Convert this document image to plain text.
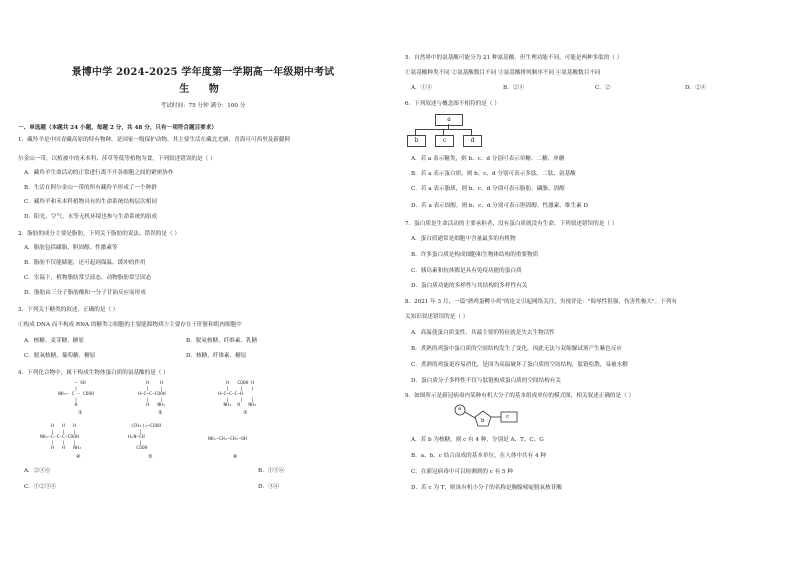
景博中学 2024-2025 学年度第一学期高一年级期中考试
生 物
考试时间：75 分钟 满分：100 分
一、单选题（本题共 24 小题，每题 2 分，共 48 分，只有一项符合题目要求）
1．藏羚羊是中国青藏高原的特有物种，是国家一级保护动物，其主要生活在藏北羌塘、青海可可西里及新疆阿
尔金山一带，以植被中的禾本科、莎草等低等植物为食。下列叙述错误的是（ ）
A．藏羚羊生命活动的正常进行离不开各细胞之间的紧密协作
B．生活在阿尔金山一带的所有藏羚羊形成了一个种群
C．藏羚羊和禾本科植物具有的生命系统结构层次相同
D．阳光、空气、水等无机环境也参与生命系统的组成
2．脂肪的成分主要是脂肪，下列关于脂肪的说法，错误的是（ ）
A．脂肪包括磷脂、胆固醇、性激素等
B．脂肪不仅能储能，还可起到保温、缓冲的作用
C．室温下，植物脂肪常呈液态，动物脂肪常呈固态
D．脂肪由三分子脂肪酸和一分子甘油反应而形成
3．下列关于糖类的叙述，正确的是（ ）
①构成 DNA 而不构成 RNA 的糖类②细胞的主要能源物质③主要存在于肝脏和肌肉细胞中
A．核糖、麦芽糖、糖原	B．脱氧核糖、纤维素、乳糖
C．脱氧核糖、葡萄糖、糖原	D．核糖、纤维素、糖原
4．下列化合物中，属于构成生物体蛋白质的氨基酸的是（ ）
— SH
|
NH₂— C — COOH
|
H
H    H
|    |
H—C—C—COOH
|    |
H   NH₂
H   COOH H
|    |   |
H—C—C—C—H
|    |   |
NH₂  H   NH₂
①	②	③
H   H   H
|   |   |
NH₂—C—C—C—COOH
|   |   |
H   H   NH₂
(CH₂)₄—COOH
|
H₂N—CH
|
COOH
NH₂—CH₂—CH₂—OH
④	⑤	⑥
A．②④⑥	B．①③⑥
C．①②③④	D．③④
5．自然界中的氨基酸可能分为 21 种氨基酸，但生理功能不同，可能是两种多肽的（ ）
①氨基酸种类不同 ②氨基酸数目不同 ③氨基酸排列顺序不同 ④氨基酸数目不同
A．①③	B．②③	C．②	D．②④
6．下列叙述与概念图不相符的是（ ）
a
b	c	d
A．若 a 表示糖类，则 b、c、d 分别可表示单糖、二糖、单糖
B．若 a 表示蛋白质，则 b、c、d 分别可表示多肽、二肽、氨基酸
C．若 a 表示脂质，则 b、c、d 分别可表示脂肪、磷脂、固醇
D．若 a 表示固醇，则 b、c、d 分别可表示胆固醇、性激素、维生素 D
7．蛋白质是生命活动的主要承担者，没有蛋白质就没有生命。下列叙述错误的是（ ）
A．蛋白质通常是细胞中含量最多的有机物
B．许多蛋白质是构成细胞和生物体结构的重要物质
C．胰岛素和抗体都是具有免疫功能的蛋白质
D．蛋白质功能的多样性与其结构的多样性有关
8．2021 年 3 月，一篇"熟鸡蛋孵小鸡"的论文引起网络关注，央视评论："侮辱性很强，伤害性极大"。下列有
关知识叙述错误的是（ ）
A．高温使蛋白质变性，其最主要的特征就是失去生物活性
B．煮熟的鸡蛋中蛋白质的空间结构发生了变化，因此无法与双缩脲试剂产生紫色反应
C．煮熟的鸡蛋更容易消化，是因为高温破坏了蛋白质的空间结构，肽链松散，易被水解
D．蛋白质分子多样性不仅与肽链构成蛋白质的空间结构有关
9．如图所示是新冠病毒内某种有机大分子的基本组成单位的模式图，相关叙述正确的是（ ）
a
b
c
A．若 b 为核糖，则 c 有 4 种，分别是 A、T、C、G
B．a、b、c 结合而成的基本单位，在人体中共有 4 种
C．在新冠病毒中可以检测到的 c 有 5 种
D．若 c 为 T，则该有机小分子的名称是胸腺嘧啶脱氧核苷酸
